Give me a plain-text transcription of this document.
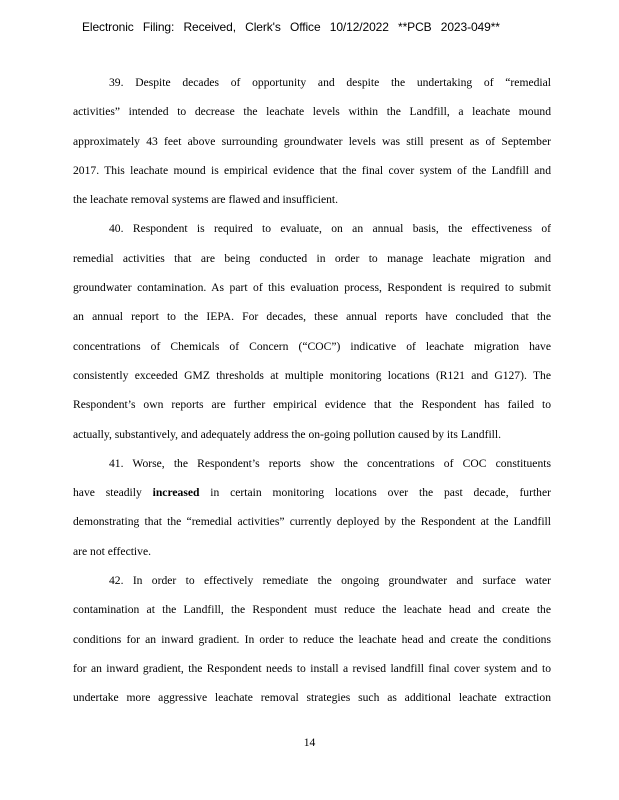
Electronic Filing: Received, Clerk's Office 10/12/2022 **PCB 2023-049**
39. Despite decades of opportunity and despite the undertaking of “remedial
activities” intended to decrease the leachate levels within the Landfill, a leachate mound
approximately 43 feet above surrounding groundwater levels was still present as of September
2017. This leachate mound is empirical evidence that the final cover system of the Landfill and
the leachate removal systems are flawed and insufficient.
40. Respondent is required to evaluate, on an annual basis, the effectiveness of
remedial activities that are being conducted in order to manage leachate migration and
groundwater contamination. As part of this evaluation process, Respondent is required to submit
an annual report to the IEPA. For decades, these annual reports have concluded that the
concentrations of Chemicals of Concern (“COC”) indicative of leachate migration have
consistently exceeded GMZ thresholds at multiple monitoring locations (R121 and G127). The
Respondent’s own reports are further empirical evidence that the Respondent has failed to
actually, substantively, and adequately address the on-going pollution caused by its Landfill.
41. Worse, the Respondent’s reports show the concentrations of COC constituents
have steadily increased in certain monitoring locations over the past decade, further
demonstrating that the “remedial activities” currently deployed by the Respondent at the Landfill
are not effective.
42. In order to effectively remediate the ongoing groundwater and surface water
contamination at the Landfill, the Respondent must reduce the leachate head and create the
conditions for an inward gradient. In order to reduce the leachate head and create the conditions
for an inward gradient, the Respondent needs to install a revised landfill final cover system and to
undertake more aggressive leachate removal strategies such as additional leachate extraction
14
